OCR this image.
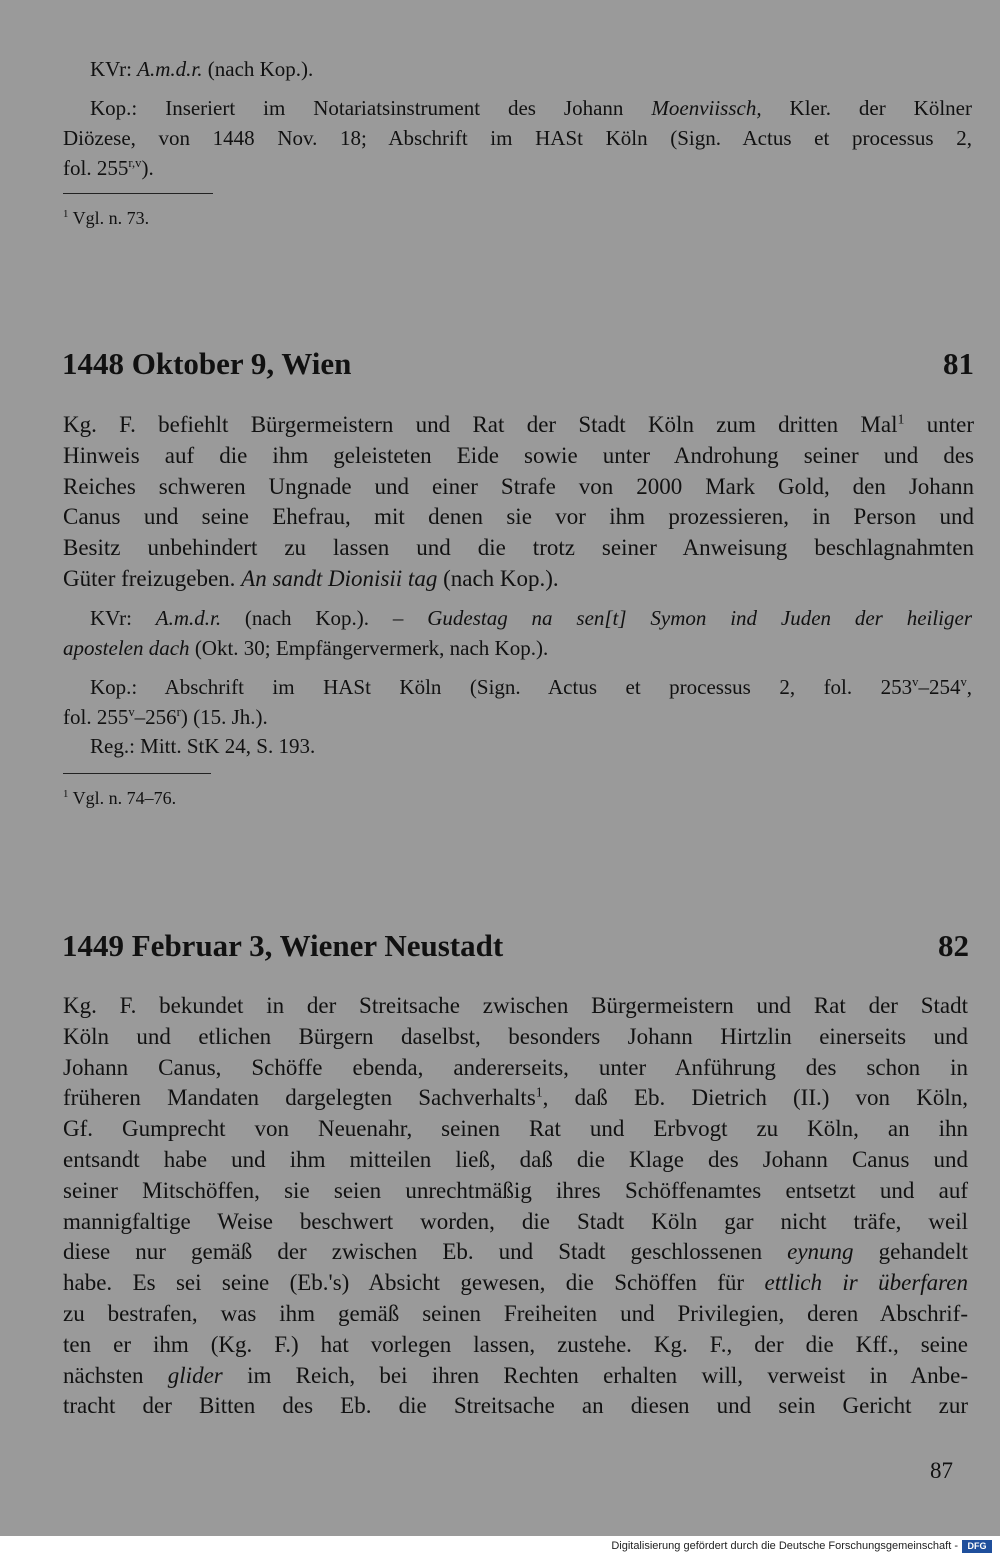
KVr: A.m.d.r. (nach Kop.).
Kop.: Inseriert im Notariatsinstrument des Johann Moenviissch, Kler. der Kölner
Diözese, von 1448 Nov. 18; Abschrift im HASt Köln (Sign. Actus et processus 2,
fol. 255$^{r,v}$).
$^1$ Vgl. n. 73.
1448 Oktober 9, Wien	81

Kg. F. befiehlt Bürgermeistern und Rat der Stadt Köln zum dritten Mal$^1$ unter

Hinweis auf die ihm geleisteten Eide sowie unter Androhung seiner und des

Reiches schweren Ungnade und einer Strafe von 2000 Mark Gold, den Johann

Canus und seine Ehefrau, mit denen sie vor ihm prozessieren, in Person und

Besitz unbehindert zu lassen und die trotz seiner Anweisung beschlagnahmten

Güter freizugeben. An sandt Dionisii tag (nach Kop.).

KVr: A.m.d.r. (nach Kop.). – Gudestag na sen[t] Symon ind Juden der heiliger
apostelen dach (Okt. 30; Empfängervermerk, nach Kop.).
Kop.: Abschrift im HASt Köln (Sign. Actus et processus 2, fol. 253$^v$–254$^v$,
fol. 255$^v$–256$^r$) (15. Jh.).
Reg.: Mitt. StK 24, S. 193.
$^1$ Vgl. n. 74–76.
1449 Februar 3, Wiener Neustadt	82

Kg. F. bekundet in der Streitsache zwischen Bürgermeistern und Rat der Stadt

Köln und etlichen Bürgern daselbst, besonders Johann Hirtzlin einerseits und

Johann Canus, Schöffe ebenda, andererseits, unter Anführung des schon in

früheren Mandaten dargelegten Sachverhalts$^1$, daß Eb. Dietrich (II.) von Köln,

Gf. Gumprecht von Neuenahr, seinen Rat und Erbvogt zu Köln, an ihn

entsandt habe und ihm mitteilen ließ, daß die Klage des Johann Canus und

seiner Mitschöffen, sie seien unrechtmäßig ihres Schöffenamtes entsetzt und auf

mannigfaltige Weise beschwert worden, die Stadt Köln gar nicht träfe, weil

diese nur gemäß der zwischen Eb. und Stadt geschlossenen eynung gehandelt

habe. Es sei seine (Eb.'s) Absicht gewesen, die Schöffen für ettlich ir überfaren

zu bestrafen, was ihm gemäß seinen Freiheiten und Privilegien, deren Abschrif-

ten er ihm (Kg. F.) hat vorlegen lassen, zustehe. Kg. F., der die Kff., seine

nächsten glider im Reich, bei ihren Rechten erhalten will, verweist in Anbe-

tracht der Bitten des Eb. die Streitsache an diesen und sein Gericht zur

87
Digitalisierung gefördert durch die Deutsche Forschungsgemeinschaft -	DFG
